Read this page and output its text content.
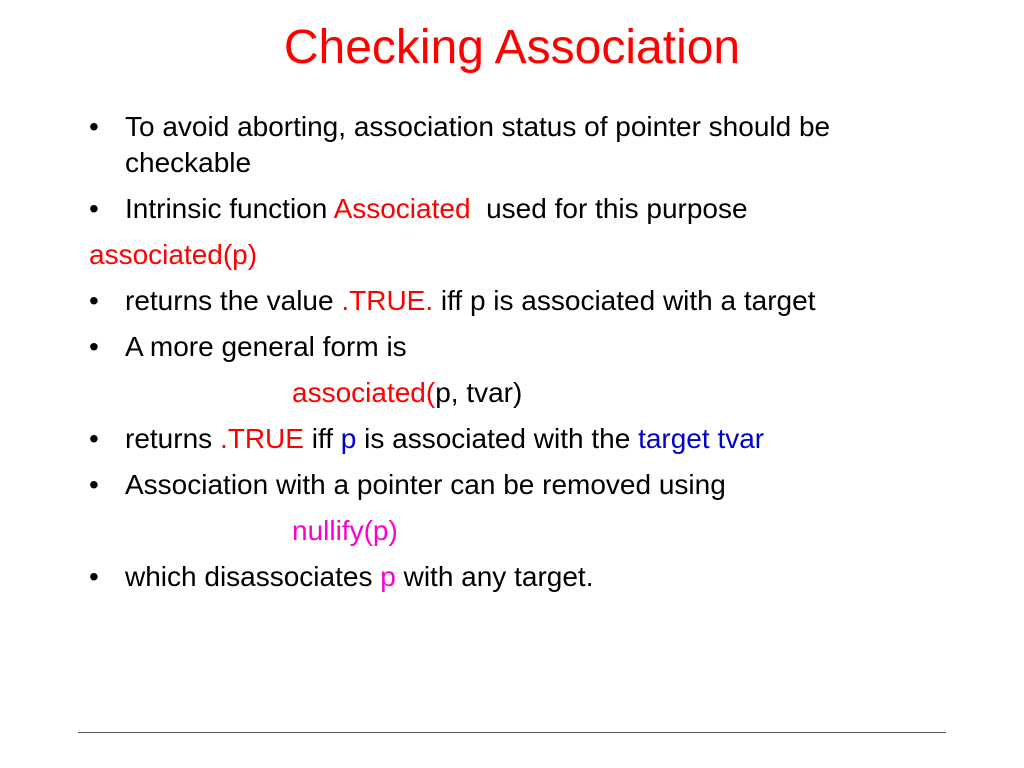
Checking Association
• To avoid aborting, association status of pointer should be checkable
• Intrinsic function Associated  used for this purpose
associated(p)
• returns the value .TRUE. iff p is associated with a target
• A more general form is
associated(p, tvar)
• returns .TRUE iff p is associated with the target tvar
• Association with a pointer can be removed using
nullify(p)
• which disassociates p with any target.
